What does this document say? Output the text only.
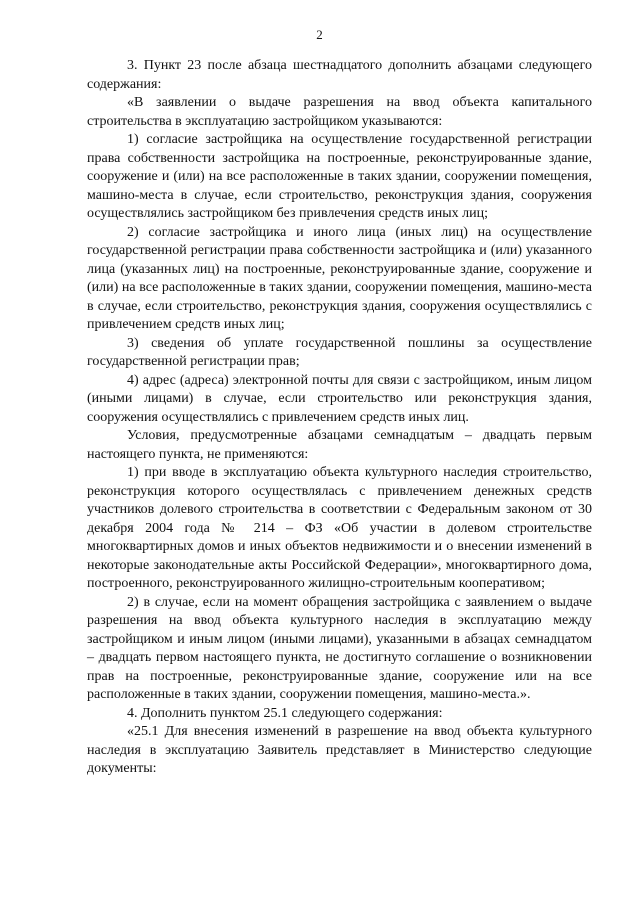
2

3. Пункт 23 после абзаца шестнадцатого дополнить абзацами следующего содержания:

«В заявлении о выдаче разрешения на ввод объекта капитального строительства в эксплуатацию застройщиком указываются:

1) согласие застройщика на осуществление государственной регистрации права собственности застройщика на построенные, реконструированные здание, сооружение и (или) на все расположенные в таких здании, сооружении помещения, машино-места в случае, если строительство, реконструкция здания, сооружения осуществлялись застройщиком без привлечения средств иных лиц;

2) согласие застройщика и иного лица (иных лиц) на осуществление государственной регистрации права собственности застройщика и (или) указанного лица (указанных лиц) на построенные, реконструированные здание, сооружение и (или) на все расположенные в таких здании, сооружении помещения, машино-места в случае, если строительство, реконструкция здания, сооружения осуществлялись с привлечением средств иных лиц;

3) сведения об уплате государственной пошлины за осуществление государственной регистрации прав;

4) адрес (адреса) электронной почты для связи с застройщиком, иным лицом (иными лицами) в случае, если строительство или реконструкция здания, сооружения осуществлялись с привлечением средств иных лиц.

Условия, предусмотренные абзацами семнадцатым – двадцать первым настоящего пункта, не применяются:

1) при вводе в эксплуатацию объекта культурного наследия строительство, реконструкция которого осуществлялась с привлечением денежных средств участников долевого строительства в соответствии с Федеральным законом от 30 декабря 2004 года № 214 – ФЗ «Об участии в долевом строительстве многоквартирных домов и иных объектов недвижимости и о внесении изменений в некоторые законодательные акты Российской Федерации», многоквартирного дома, построенного, реконструированного жилищно-строительным кооперативом;

2) в случае, если на момент обращения застройщика с заявлением о выдаче разрешения на ввод объекта культурного наследия в эксплуатацию между застройщиком и иным лицом (иными лицами), указанными в абзацах семнадцатом – двадцать первом настоящего пункта, не достигнуто соглашение о возникновении прав на построенные, реконструированные здание, сооружение или на все расположенные в таких здании, сооружении помещения, машино-места.».

4. Дополнить пунктом 25.1 следующего содержания:

«25.1 Для внесения изменений в разрешение на ввод объекта культурного наследия в эксплуатацию Заявитель представляет в Министерство следующие документы:
